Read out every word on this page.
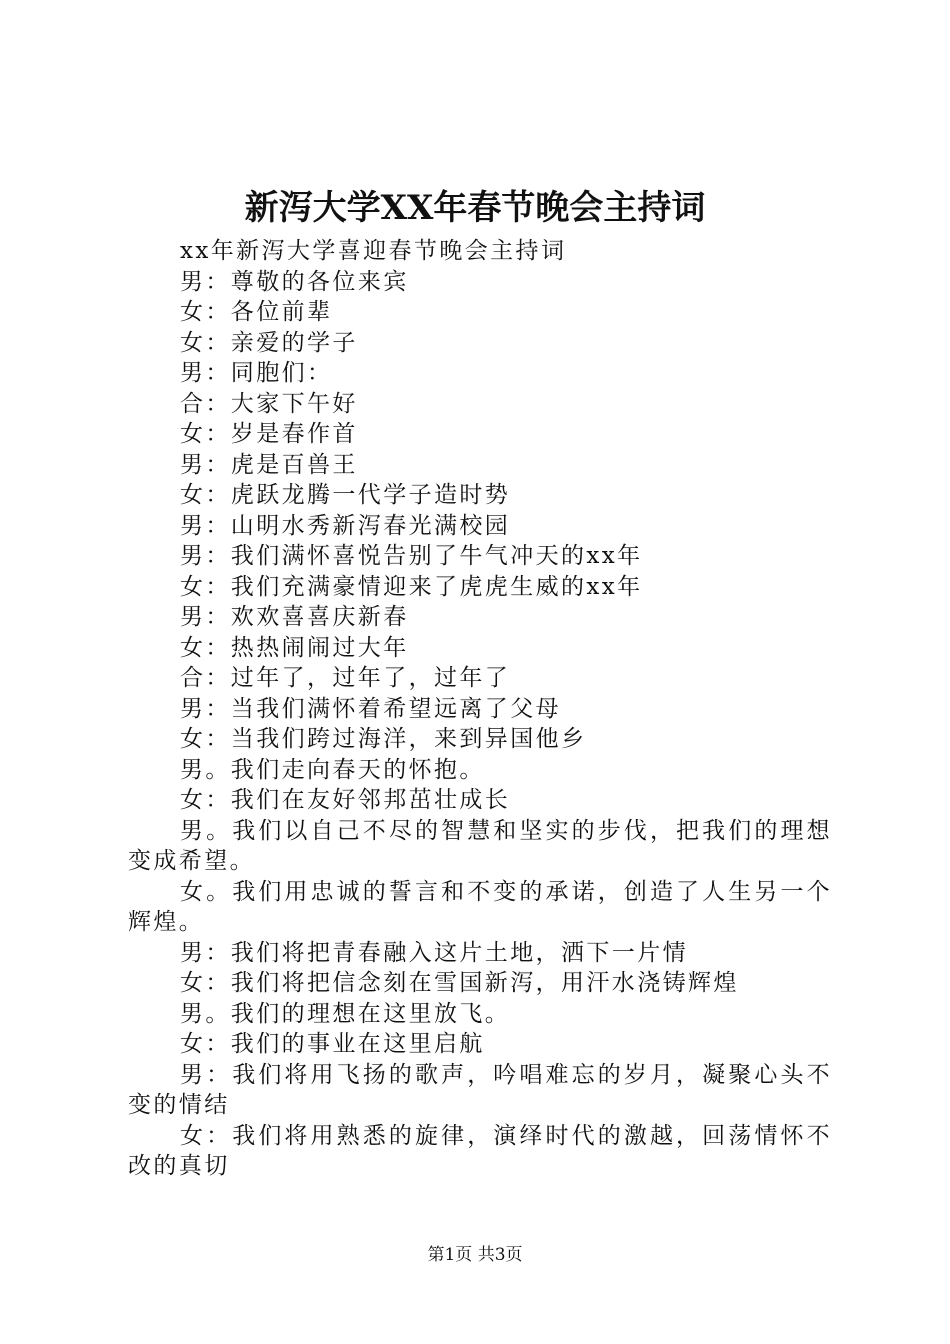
新泻大学XX年春节晚会主持词

xx年新泻大学喜迎春节晚会主持词

男：尊敬的各位来宾

女：各位前辈

女：亲爱的学子

男：同胞们：

合：大家下午好

女：岁是春作首

男：虎是百兽王

女：虎跃龙腾一代学子造时势

男：山明水秀新泻春光满校园

男：我们满怀喜悦告别了牛气冲天的xx年

女：我们充满豪情迎来了虎虎生威的xx年

男：欢欢喜喜庆新春

女：热热闹闹过大年

合：过年了，过年了，过年了

男：当我们满怀着希望远离了父母

女：当我们跨过海洋，来到异国他乡

男。我们走向春天的怀抱。

女：我们在友好邻邦茁壮成长

男。我们以自己不尽的智慧和坚实的步伐，把我们的理想变成希望。

女。我们用忠诚的誓言和不变的承诺，创造了人生另一个辉煌。

男：我们将把青春融入这片土地，洒下一片情

女：我们将把信念刻在雪国新泻，用汗水浇铸辉煌

男。我们的理想在这里放飞。

女：我们的事业在这里启航

男：我们将用飞扬的歌声，吟唱难忘的岁月，凝聚心头不变的情结

女：我们将用熟悉的旋律，演绎时代的激越，回荡情怀不改的真切

第1页 共3页
